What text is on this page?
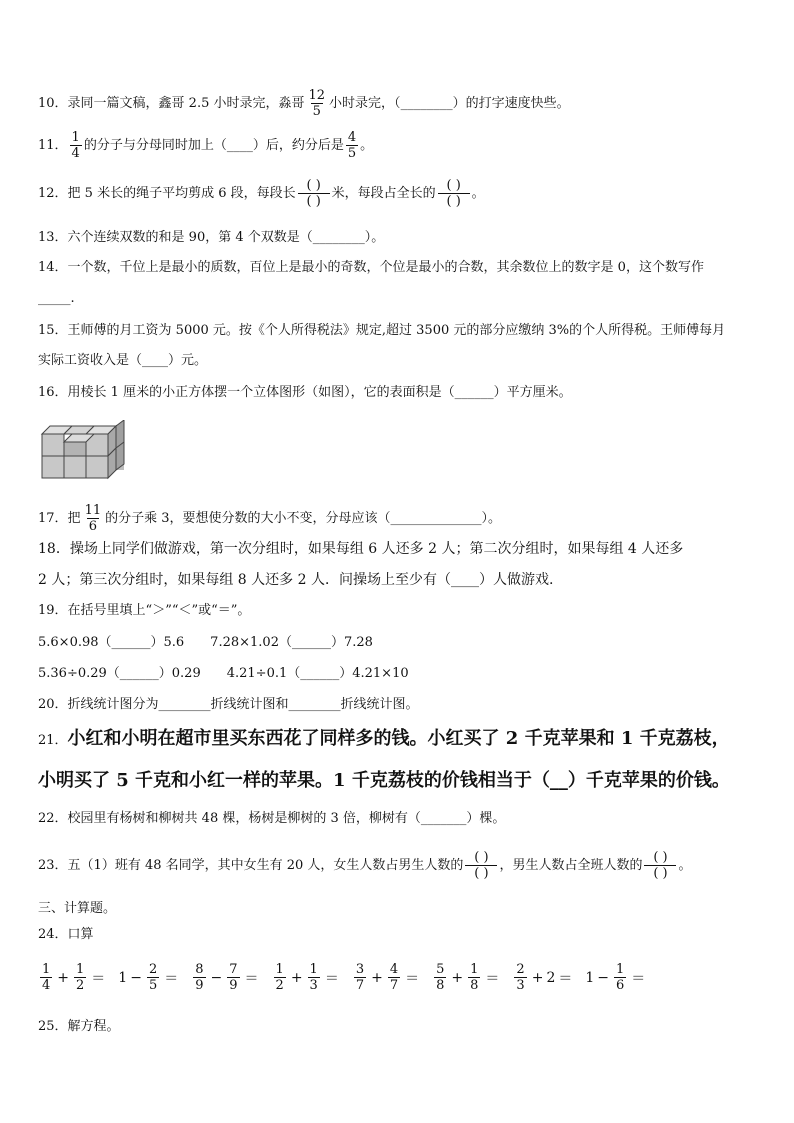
10．录同一篇文稿，鑫哥 2.5 小时录完，淼哥 $\frac{12}{5}$ 小时录完，（________）的打字速度快些。
11． $\frac{1}{4}$ 的分子与分母同时加上（____）后，约分后是 $\frac{4}{5}$ 。
12．把 5 米长的绳子平均剪成 6 段，每段长 $\frac{( )}{( )}$ 米，每段占全长的 $\frac{( )}{( )}$ 。
13．六个连续双数的和是 90，第 4 个双数是（________）。
14．一个数，千位上是最小的质数，百位上是最小的奇数，个位是最小的合数，其余数位上的数字是 0，这个数写作
_____.
15．王师傅的月工资为 5000 元。按《个人所得税法》规定,超过 3500 元的部分应缴纳 3%的个人所得税。王师傅每月
实际工资收入是（____）元。
16．用棱长 1 厘米的小正方体摆一个立体图形（如图），它的表面积是（______）平方厘米。
17．把 $\frac{11}{6}$ 的分子乘 3，要想使分数的大小不变，分母应该（______________）。
18．操场上同学们做游戏，第一次分组时，如果每组 6 人还多 2 人；第二次分组时，如果每组 4 人还多
2 人；第三次分组时，如果每组 8 人还多 2 人．问操场上至少有（____）人做游戏.
19．在括号里填上“＞”“＜”或“＝”。
5.6×0.98（______）5.6　　7.28×1.02（______）7.28
5.36÷0.29（______）0.29　　4.21÷0.1（______）4.21×10
20．折线统计图分为________折线统计图和________折线统计图。
21．小红和小明在超市里买东西花了同样多的钱。小红买了 2 千克苹果和 1 千克荔枝，
小明买了 5 千克和小红一样的苹果。1 千克荔枝的价钱相当于（__）千克苹果的价钱。
22．校园里有杨树和柳树共 48 棵，杨树是柳树的 3 倍，柳树有（_______）棵。
23．五（1）班有 48 名同学，其中女生有 20 人，女生人数占男生人数的 $\frac{( )}{( )}$ ，男生人数占全班人数的 $\frac{( )}{( )}$ 。
三、计算题。
24．口算
$\frac{1}{4} + \frac{1}{2} = 1 - \frac{2}{5} = \frac{8}{9} - \frac{7}{9} = \frac{1}{2} + \frac{1}{3} = \frac{3}{7} + \frac{4}{7} = \frac{5}{8} + \frac{1}{8} = \frac{2}{3} + 2 = 1 - \frac{1}{6}$ ＝
25．解方程。
